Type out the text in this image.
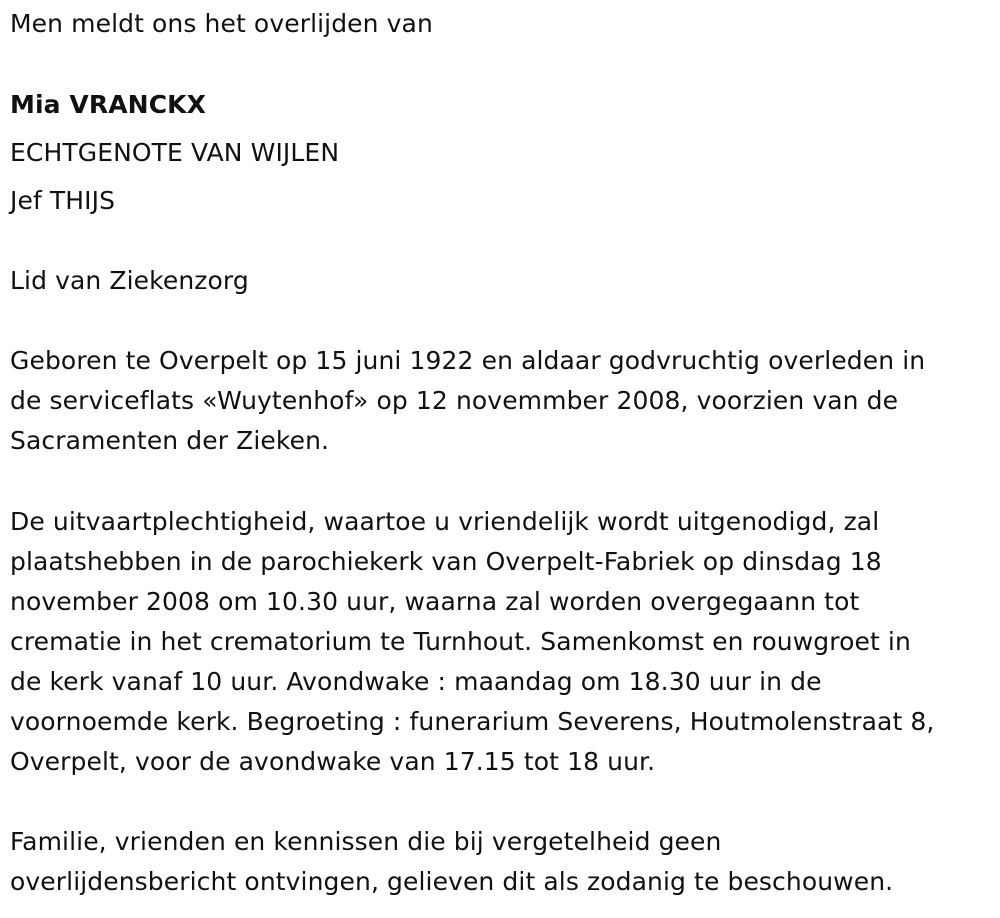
Men meldt ons het overlijden van
Mia VRANCKX
ECHTGENOTE VAN WIJLEN
Jef THIJS
Lid van Ziekenzorg
Geboren te Overpelt op 15 juni 1922 en aldaar godvruchtig overleden in
de serviceflats «Wuytenhof» op 12 novemmber 2008, voorzien van de
Sacramenten der Zieken.
De uitvaartplechtigheid, waartoe u vriendelijk wordt uitgenodigd, zal
plaatshebben in de parochiekerk van Overpelt-Fabriek op dinsdag 18
november 2008 om 10.30 uur, waarna zal worden overgegaann tot
crematie in het crematorium te Turnhout. Samenkomst en rouwgroet in
de kerk vanaf 10 uur. Avondwake : maandag om 18.30 uur in de
voornoemde kerk. Begroeting : funerarium Severens, Houtmolenstraat 8,
Overpelt, voor de avondwake van 17.15 tot 18 uur.
Familie, vrienden en kennissen die bij vergetelheid geen
overlijdensbericht ontvingen, gelieven dit als zodanig te beschouwen.
